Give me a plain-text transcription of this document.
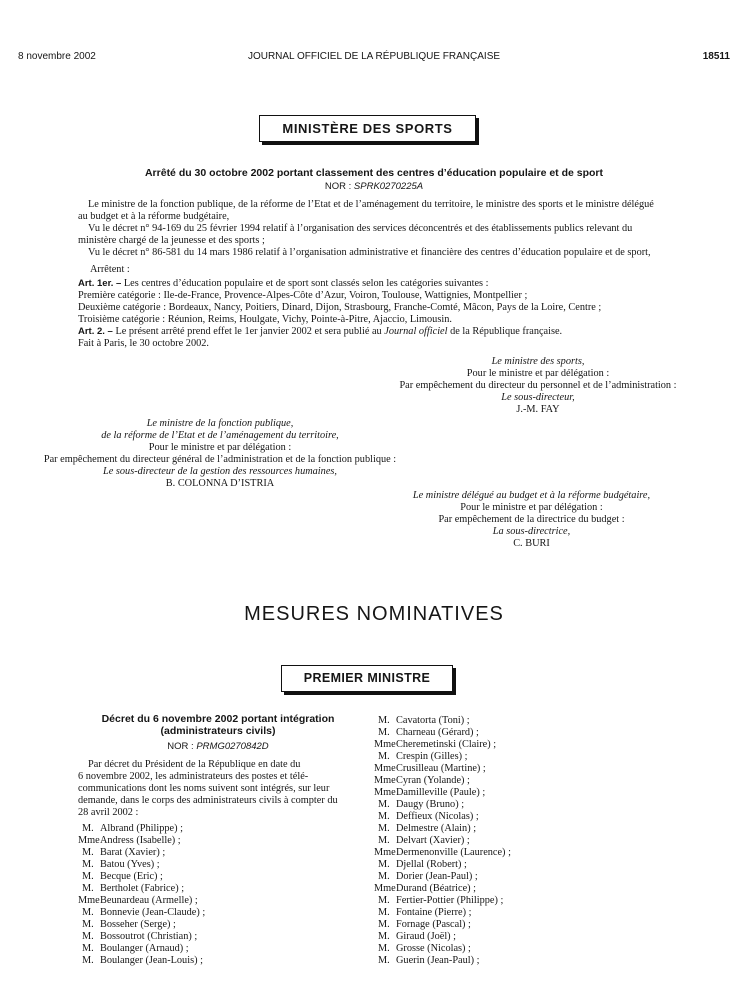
8 novembre 2002	JOURNAL OFFICIEL DE LA RÉPUBLIQUE FRANÇAISE	18511
MINISTÈRE DES SPORTS
Arrêté du 30 octobre 2002 portant classement des centres d’éducation populaire et de sport
NOR : SPRK0270225A
Le ministre de la fonction publique, de la réforme de l’Etat et de l’aménagement du territoire, le ministre des sports et le ministre délégué
au budget et à la réforme budgétaire,
Vu le décret n° 94-169 du 25 février 1994 relatif à l’organisation des services déconcentrés et des établissements publics relevant du
ministère chargé de la jeunesse et des sports ;
Vu le décret n° 86-581 du 14 mars 1986 relatif à l’organisation administrative et financière des centres d’éducation populaire et de sport,
Arrêtent :
Art. 1er. – Les centres d’éducation populaire et de sport sont classés selon les catégories suivantes :
Première catégorie : Ile-de-France, Provence-Alpes-Côte d’Azur, Voiron, Toulouse, Wattignies, Montpellier ;
Deuxième catégorie : Bordeaux, Nancy, Poitiers, Dinard, Dijon, Strasbourg, Franche-Comté, Mâcon, Pays de la Loire, Centre ;
Troisième catégorie : Réunion, Reims, Houlgate, Vichy, Pointe-à-Pitre, Ajaccio, Limousin.
Art. 2. – Le présent arrêté prend effet le 1er janvier 2002 et sera publié au Journal officiel de la République française.
Fait à Paris, le 30 octobre 2002.
Le ministre des sports,
Pour le ministre et par délégation :
Par empêchement du directeur du personnel et de l’administration :
Le sous-directeur,
J.-M. FAY
Le ministre de la fonction publique,
de la réforme de l’Etat et de l’aménagement du territoire,
Pour le ministre et par délégation :
Par empêchement du directeur général de l’administration et de la fonction publique :
Le sous-directeur de la gestion des ressources humaines,
B. COLONNA D’ISTRIA
Le ministre délégué au budget et à la réforme budgétaire,
Pour le ministre et par délégation :
Par empêchement de la directrice du budget :
La sous-directrice,
C. BURI
MESURES NOMINATIVES
PREMIER MINISTRE
Décret du 6 novembre 2002 portant intégration
(administrateurs civils)
NOR : PRMG0270842D
Par décret du Président de la République en date du
6 novembre 2002, les administrateurs des postes et télé-
communications dont les noms suivent sont intégrés, sur leur
demande, dans le corps des administrateurs civils à compter du
28 avril 2002 :
M. Albrand (Philippe) ;
MmeAndress (Isabelle) ;
M. Barat (Xavier) ;
M. Batou (Yves) ;
M. Becque (Eric) ;
M. Bertholet (Fabrice) ;
MmeBeunardeau (Armelle) ;
M. Bonnevie (Jean-Claude) ;
M. Bosseher (Serge) ;
M. Bossoutrot (Christian) ;
M. Boulanger (Arnaud) ;
M. Boulanger (Jean-Louis) ;
M. Cavatorta (Toni) ;
M. Charneau (Gérard) ;
MmeCheremetinski (Claire) ;
M. Crespin (Gilles) ;
MmeCrusilleau (Martine) ;
MmeCyran (Yolande) ;
MmeDamilleville (Paule) ;
M. Daugy (Bruno) ;
M. Deffieux (Nicolas) ;
M. Delmestre (Alain) ;
M. Delvart (Xavier) ;
MmeDermenonville (Laurence) ;
M. Djellal (Robert) ;
M. Dorier (Jean-Paul) ;
MmeDurand (Béatrice) ;
M. Fertier-Pottier (Philippe) ;
M. Fontaine (Pierre) ;
M. Fornage (Pascal) ;
M. Giraud (Joël) ;
M. Grosse (Nicolas) ;
M. Guerin (Jean-Paul) ;
